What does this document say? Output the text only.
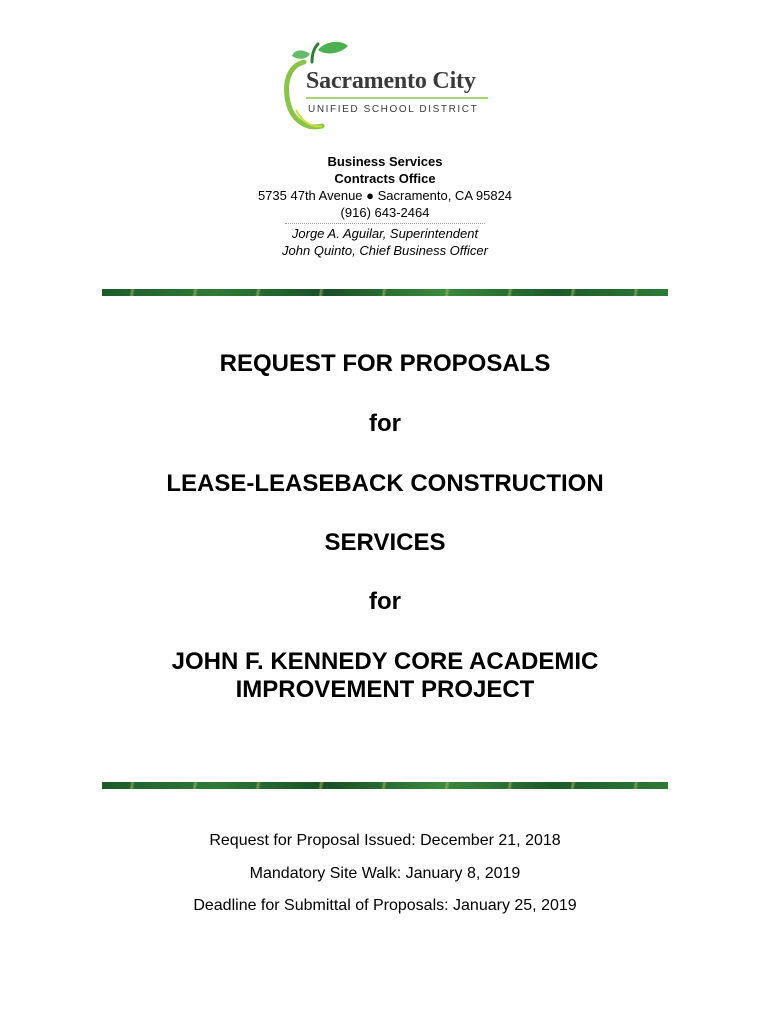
Sacramento City
UNIFIED SCHOOL DISTRICT
Business Services
Contracts Office
5735 47th Avenue ● Sacramento, CA 95824
(916) 643-2464
Jorge A. Aguilar, Superintendent
John Quinto, Chief Business Officer
REQUEST FOR PROPOSALS
for
LEASE-LEASEBACK CONSTRUCTION
SERVICES
for
JOHN F. KENNEDY CORE ACADEMIC IMPROVEMENT PROJECT
Request for Proposal Issued: December 21, 2018
Mandatory Site Walk: January 8, 2019
Deadline for Submittal of Proposals: January 25, 2019
